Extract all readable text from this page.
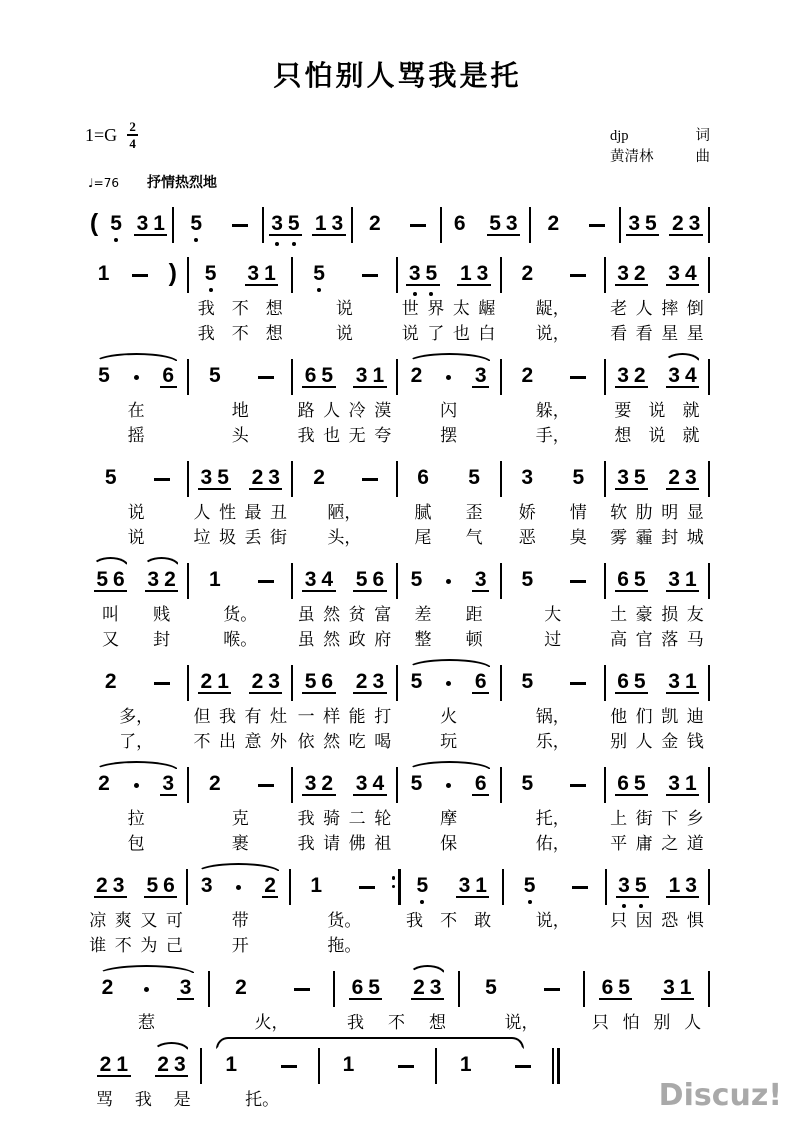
只怕别人骂我是托
$1=G \frac{2}{4}$	djp	词
黄清林	曲
♩=76 抒情热烈地
( 5 3 1 5	3 5 1 3 2	6 5 3 2	3 5 2 3
1 ) 5 3 1 5	3 5 1 3 2	3 2 3 4
我 不 想	说	世 界 太 龌 龊， 老 人 摔 倒
我 不 想	说	说 了 也 白 说， 看 看 星 星
5	6 5	6 5 3 1 2	3 2	3 2 3 4
在	地	路 人 冷 漠	闪	躲，	要 说 就
摇	头	我 也 无 夸	摆	手，	想 说 就
5	3 5 2 3 2	6 5 3 5 3 5 2 3
说	人 性 最 丑 陋，	腻 歪 娇 情 软 肋 明 显
说	垃 圾 丢 街 头，	尾 气 恶 臭 雾 霾 封 城
5 6 3 2 1	3 4 5 6 5	3 5	6 5 3 1
叫 贱	货。 虽 然 贫 富 差 距	大	土 豪 损 友
又 封	喉。 虽 然 政 府 整 顿	过	高 官 落 马
2	2 1 2 3 5 6 2 3 5	6 5	6 5 3 1
多， 但 我 有 灶 一 样 能 打	火	锅， 他 们 凯 迪
了， 不 出 意 外 依 然 吃 喝	玩	乐， 别 人 金 钱
2	3 2	3 2 3 4 5	6 5	6 5 3 1
拉	克	我 骑 二 轮	摩	托， 上 街 下 乡
包	裹	我 请 佛 祖	保	佑， 平 庸 之 道
2 3 5 6 3 2 1	5 3 1 5	3 5 1 3
凉 爽 又 可	带	货。	我 不 敢	说， 只 因 恐 惧
谁 不 为 己	开	拖。
2	3 2	6 5 2 3 5	6 5 3 1
惹	火，	我 不 想	说，	只 怕 别 人
2 1 2 3 1	1	1
骂 我 是	托。	Discuz!
